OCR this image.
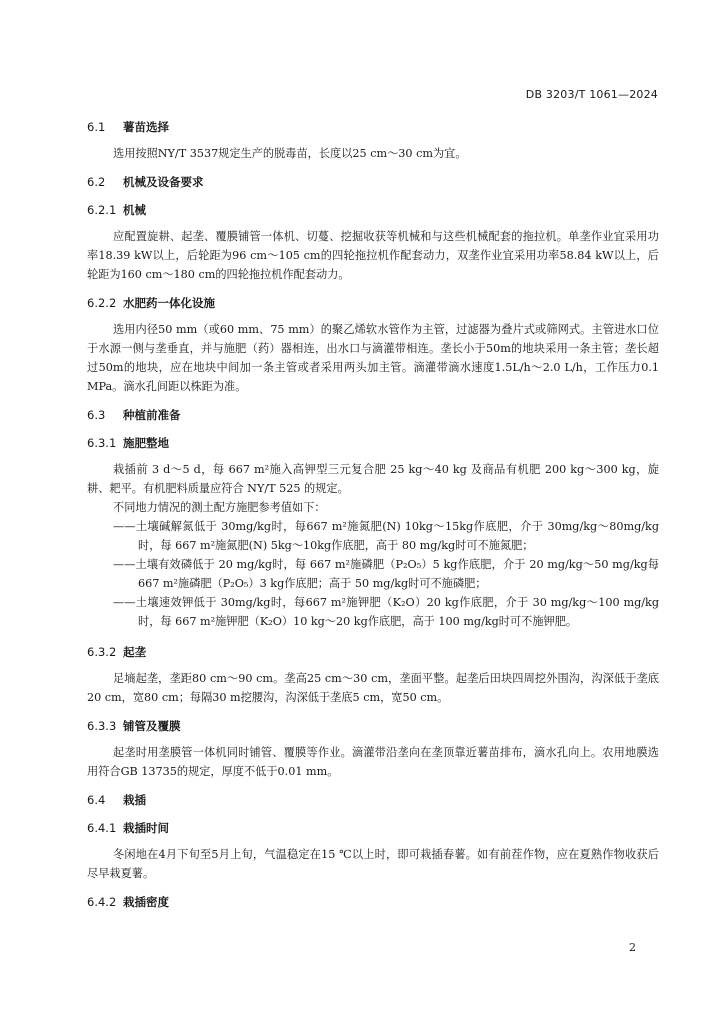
DB 3203/T 1061—2024
6.1 薯苗选择

选用按照NY/T 3537规定生产的脱毒苗，长度以25 cm～30 cm为宜。

6.2 机械及设备要求
6.2.1 机械

应配置旋耕、起垄、覆膜铺管一体机、切蔓、挖掘收获等机械和与这些机械配套的拖拉机。单垄作业宜采用功率18.39 kW以上，后轮距为96 cm～105 cm的四轮拖拉机作配套动力，双垄作业宜采用功率58.84 kW以上，后轮距为160 cm～180 cm的四轮拖拉机作配套动力。

6.2.2 水肥药一体化设施

选用内径50 mm（或60 mm、75 mm）的聚乙烯软水管作为主管，过滤器为叠片式或筛网式。主管进水口位于水源一侧与垄垂直，并与施肥（药）器相连，出水口与滴灌带相连。垄长小于50m的地块采用一条主管；垄长超过50m的地块，应在地块中间加一条主管或者采用两头加主管。滴灌带滴水速度1.5L/h～2.0 L/h，工作压力0.1 MPa。滴水孔间距以株距为准。

6.3 种植前准备
6.3.1 施肥整地

栽插前 3 d～5 d，每 667 m²施入高钾型三元复合肥 25 kg～40 kg 及商品有机肥 200 kg～300 kg，旋耕、耙平。有机肥料质量应符合 NY/T 525 的规定。

不同地力情况的测土配方施肥参考值如下：

——土壤碱解氮低于 30mg/kg时，每667 m²施氮肥(N) 10kg～15kg作底肥，介于 30mg/kg～80mg/kg时，每 667 m²施氮肥(N) 5kg～10kg作底肥，高于 80 mg/kg时可不施氮肥；

——土壤有效磷低于 20 mg/kg时，每 667 m²施磷肥（P₂O₅）5 kg作底肥，介于 20 mg/kg～50 mg/kg每 667 m²施磷肥（P₂O₅）3 kg作底肥；高于 50 mg/kg时可不施磷肥；

——土壤速效钾低于 30mg/kg时，每667 m²施钾肥（K₂O）20 kg作底肥，介于 30 mg/kg～100 mg/kg时，每 667 m²施钾肥（K₂O）10 kg～20 kg作底肥，高于 100 mg/kg时可不施钾肥。

6.3.2 起垄

足墒起垄，垄距80 cm～90 cm。垄高25 cm～30 cm，垄面平整。起垄后田块四周挖外围沟，沟深低于垄底20 cm，宽80 cm；每隔30 m挖腰沟，沟深低于垄底5 cm，宽50 cm。

6.3.3 铺管及覆膜

起垄时用垄膜管一体机同时铺管、覆膜等作业。滴灌带沿垄向在垄顶靠近薯苗排布，滴水孔向上。农用地膜选用符合GB 13735的规定，厚度不低于0.01 mm。

6.4 栽插
6.4.1 栽插时间

冬闲地在4月下旬至5月上旬，气温稳定在15 ℃以上时，即可栽插春薯。如有前茬作物，应在夏熟作物收获后尽早栽夏薯。

6.4.2 栽插密度
2
